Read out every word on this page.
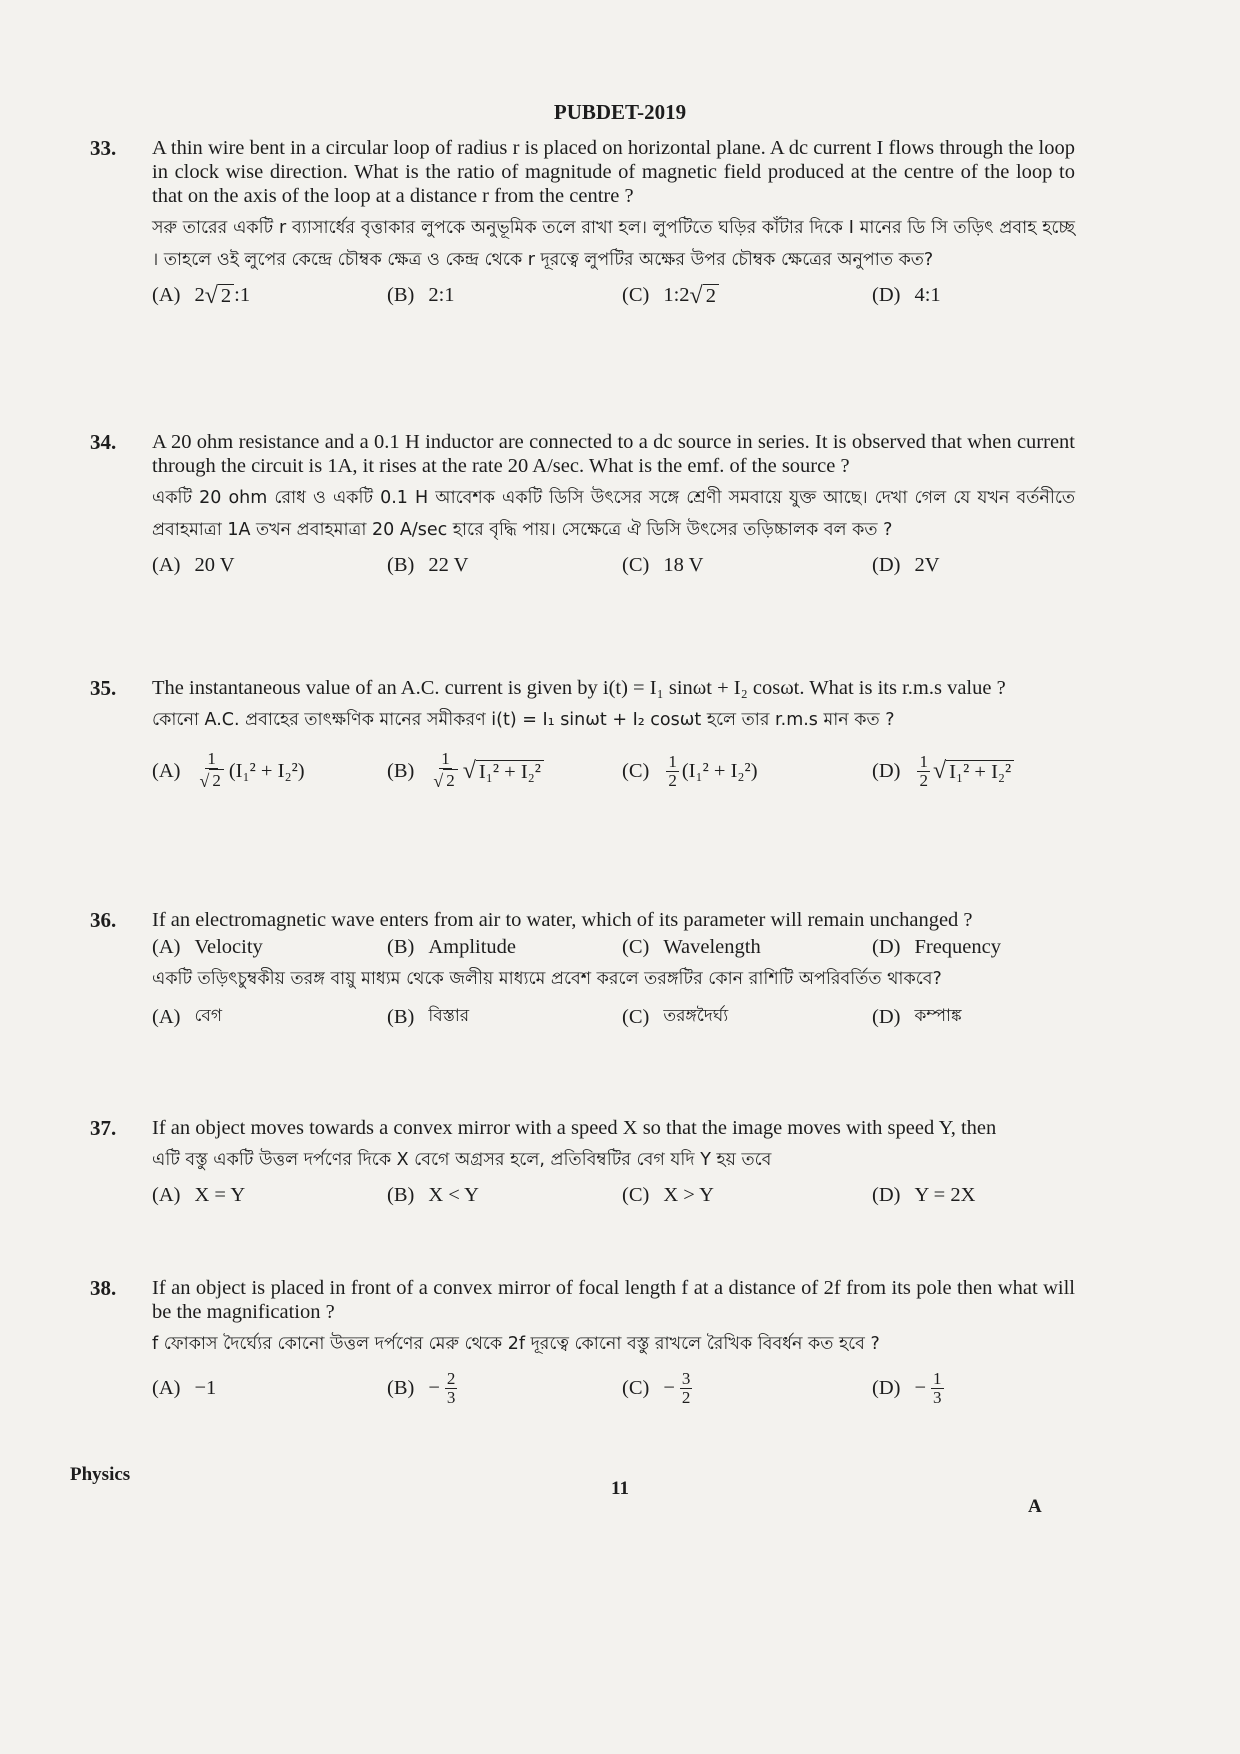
PUBDET-2019
33. A thin wire bent in a circular loop of radius r is placed on horizontal plane. A dc current I flows through the loop in clock wise direction. What is the ratio of magnitude of magnetic field produced at the centre of the loop to that on the axis of the loop at a distance r from the centre ?
সরু তারের একটি r ব্যাসার্ধের বৃত্তাকার লুপকে অনুভূমিক তলে রাখা হল। লুপটিতে ঘড়ির কাঁটার দিকে I মানের ডি সি তড়িৎ প্রবাহ হচ্ছে । তাহলে ওই লুপের কেন্দ্রে চৌম্বক ক্ষেত্র ও কেন্দ্র থেকে r দূরত্বে লুপটির অক্ষের উপর চৌম্বক ক্ষেত্রের অনুপাত কত?
(A) 2 √ 2 :1	(B) 2:1	(C) 1:2 √ 2	(D) 4:1
34. A 20 ohm resistance and a 0.1 H inductor are connected to a dc source in series. It is observed that when current through the circuit is 1A, it rises at the rate 20 A/sec. What is the emf. of the source ?
একটি 20 ohm রোধ ও একটি 0.1 H আবেশক একটি ডিসি উৎসের সঙ্গে শ্রেণী সমবায়ে যুক্ত আছে। দেখা গেল যে যখন বর্তনীতে প্রবাহমাত্রা 1A তখন প্রবাহমাত্রা 20 A/sec হারে বৃদ্ধি পায়। সেক্ষেত্রে ঐ ডিসি উৎসের তড়িচ্চালক বল কত ?
(A) 20 V	(B) 22 V	(C) 18 V	(D) 2V
35. The instantaneous value of an A.C. current is given by i(t) = I₁ sinωt + I₂ cosωt. What is its r.m.s value ?
কোনো A.C. প্রবাহের তাৎক্ষণিক মানের সমীকরণ i(t) = I₁ sinωt + I₂ cosωt হলে তার r.m.s মান কত ?
$(A) \frac{1}{√ 2} (I_1^2 + I_2^2)$	$(B) \frac{1}{√ 2}$ √ I₁² + I₂²	$(C) \frac{1}{2} (I_1^2 + I_2^2)$	$(D) \frac{1}{2}$ √ I₁² + I₂²
36. If an electromagnetic wave enters from air to water, which of its parameter will remain unchanged ?
(A) Velocity	(B) Amplitude	(C) Wavelength	(D) Frequency
একটি তড়িৎচুম্বকীয় তরঙ্গ বায়ু মাধ্যম থেকে জলীয় মাধ্যমে প্রবেশ করলে তরঙ্গটির কোন রাশিটি অপরিবর্তিত থাকবে?
(A) বেগ	(B) বিস্তার	(C) তরঙ্গদৈর্ঘ্য	(D) কম্পাঙ্ক
37. If an object moves towards a convex mirror with a speed X so that the image moves with speed Y, then
এটি বস্তু একটি উত্তল দর্পণের দিকে X বেগে অগ্রসর হলে, প্রতিবিম্বটির বেগ যদি Y হয় তবে
(A) X = Y	(B) X < Y	(C) X > Y	(D) Y = 2X
38. If an object is placed in front of a convex mirror of focal length f at a distance of 2f from its pole then what will be the magnification ?
f ফোকাস দৈর্ঘ্যের কোনো উত্তল দর্পণের মেরু থেকে 2f দূরত্বে কোনো বস্তু রাখলে রৈখিক বিবর্ধন কত হবে ?
(A) −1	$(B) - \frac{2}{3}$	$(C) - \frac{3}{2}$	$(D) - \frac{1}{3}$
Physics
11
A
